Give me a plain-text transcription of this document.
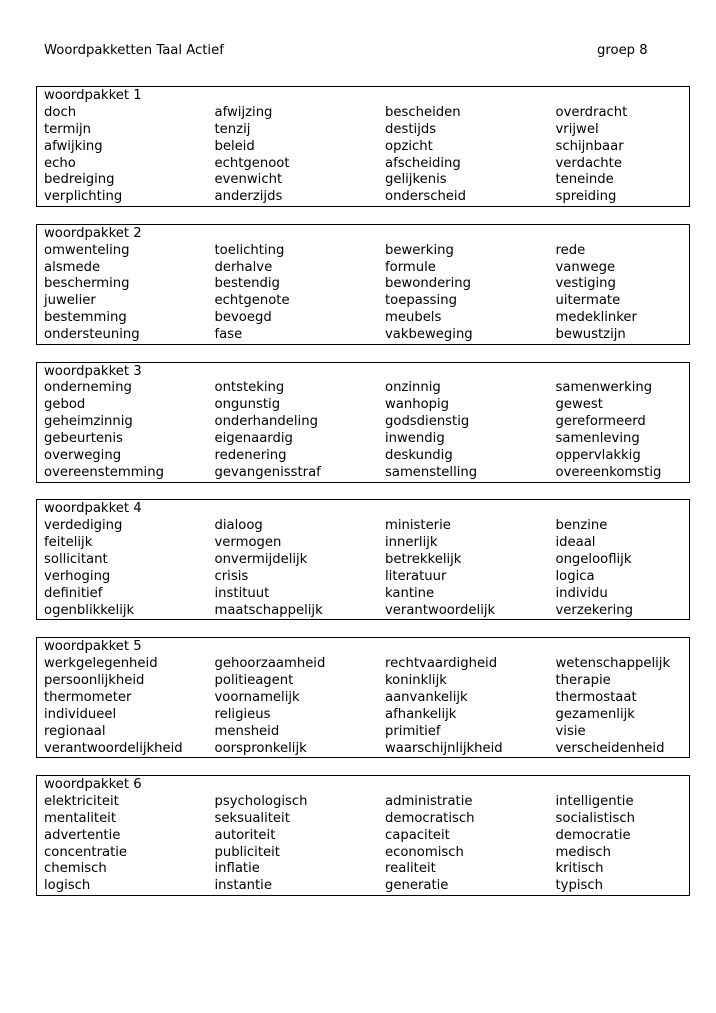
Woordpakketten Taal Actief	groep 8
woordpakket 1
doch	afwijzing	bescheiden	overdracht
termijn	tenzij	destijds	vrijwel
afwijking	beleid	opzicht	schijnbaar
echo	echtgenoot	afscheiding	verdachte
bedreiging	evenwicht	gelijkenis	teneinde
verplichting	anderzijds	onderscheid	spreiding
woordpakket 2
omwenteling	toelichting	bewerking	rede
alsmede	derhalve	formule	vanwege
bescherming	bestendig	bewondering	vestiging
juwelier	echtgenote	toepassing	uitermate
bestemming	bevoegd	meubels	medeklinker
ondersteuning	fase	vakbeweging	bewustzijn
woordpakket 3
onderneming	ontsteking	onzinnig	samenwerking
gebod	ongunstig	wanhopig	gewest
geheimzinnig	onderhandeling	godsdienstig	gereformeerd
gebeurtenis	eigenaardig	inwendig	samenleving
overweging	redenering	deskundig	oppervlakkig
overeenstemming	gevangenisstraf	samenstelling	overeenkomstig
woordpakket 4
verdediging	dialoog	ministerie	benzine
feitelijk	vermogen	innerlijk	ideaal
sollicitant	onvermijdelijk	betrekkelijk	ongelooflijk
verhoging	crisis	literatuur	logica
definitief	instituut	kantine	individu
ogenblikkelijk	maatschappelijk	verantwoordelijk	verzekering
woordpakket 5
werkgelegenheid	gehoorzaamheid	rechtvaardigheid	wetenschappelijk
persoonlijkheid	politieagent	koninklijk	therapie
thermometer	voornamelijk	aanvankelijk	thermostaat
individueel	religieus	afhankelijk	gezamenlijk
regionaal	mensheid	primitief	visie
verantwoordelijkheid	oorspronkelijk	waarschijnlijkheid	verscheidenheid
woordpakket 6
elektriciteit	psychologisch	administratie	intelligentie
mentaliteit	seksualiteit	democratisch	socialistisch
advertentie	autoriteit	capaciteit	democratie
concentratie	publiciteit	economisch	medisch
chemisch	inflatie	realiteit	kritisch
logisch	instantie	generatie	typisch
